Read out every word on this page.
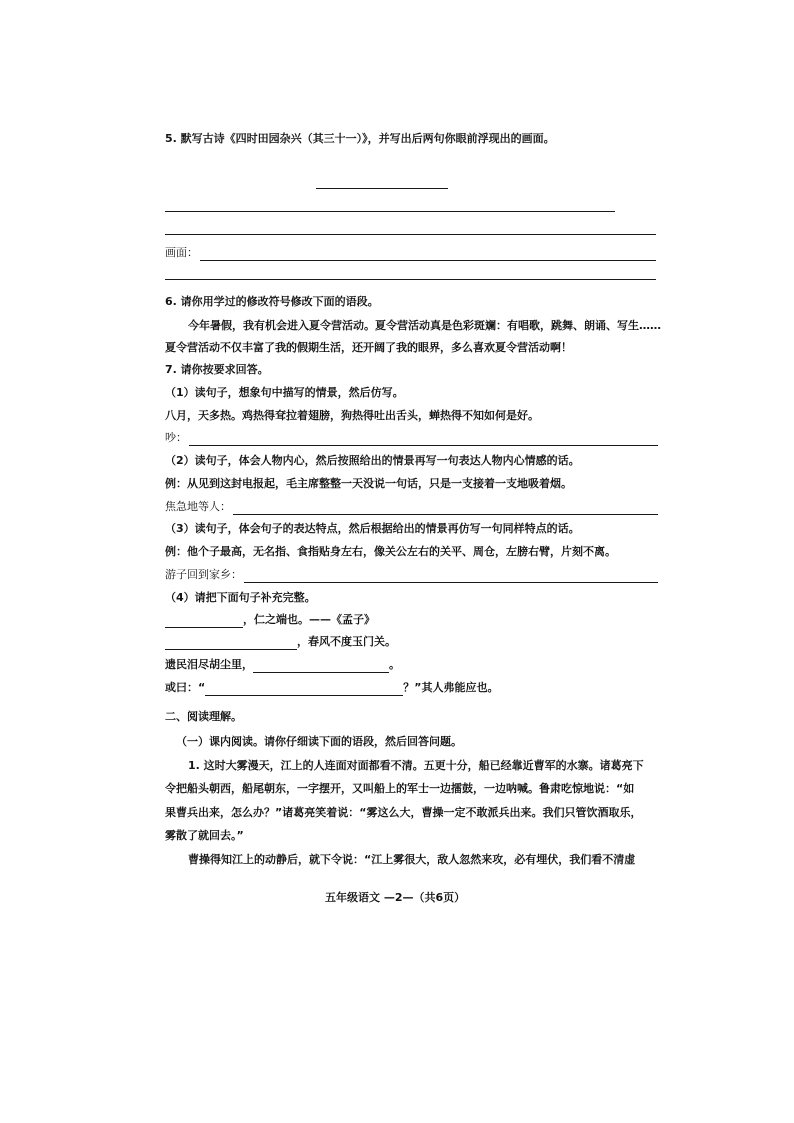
5. 默写古诗《四时田园杂兴（其三十一）》，并写出后两句你眼前浮现出的画面。
画面：
6. 请你用学过的修改符号修改下面的语段。
今年暑假，我有机会进入夏令营活动。夏令营活动真是色彩斑斓：有唱歌，跳舞、朗诵、写生……
夏令营活动不仅丰富了我的假期生活，还开阔了我的眼界，多么喜欢夏令营活动啊！
7. 请你按要求回答。
（1）读句子，想象句中描写的情景，然后仿写。
八月，天多热。鸡热得耷拉着翅膀，狗热得吐出舌头，蝉热得不知如何是好。
吵：
（2）读句子，体会人物内心，然后按照给出的情景再写一句表达人物内心情感的话。
例：从见到这封电报起，毛主席整整一天没说一句话，只是一支接着一支地吸着烟。
焦急地等人：
（3）读句子，体会句子的表达特点，然后根据给出的情景再仿写一句同样特点的话。
例：他个子最高，无名指、食指贴身左右，像关公左右的关平、周仓，左膀右臂，片刻不离。
游子回到家乡：
（4）请把下面句子补充完整。
，仁之端也。——《孟子》
，春风不度玉门关。
遗民泪尽胡尘里，	。
或曰：“	？”其人弗能应也。
二、阅读理解。
（一）课内阅读。请你仔细读下面的语段，然后回答问题。
1. 这时大雾漫天，江上的人连面对面都看不清。五更十分，船已经靠近曹军的水寨。诸葛亮下
令把船头朝西，船尾朝东，一字摆开，又叫船上的军士一边擂鼓，一边呐喊。鲁肃吃惊地说：“如
果曹兵出来，怎么办？”诸葛亮笑着说：“雾这么大，曹操一定不敢派兵出来。我们只管饮酒取乐，
雾散了就回去。”
曹操得知江上的动静后，就下令说：“江上雾很大，敌人忽然来攻，必有埋伏，我们看不清虚
五年级语文 —2—（共6页）
